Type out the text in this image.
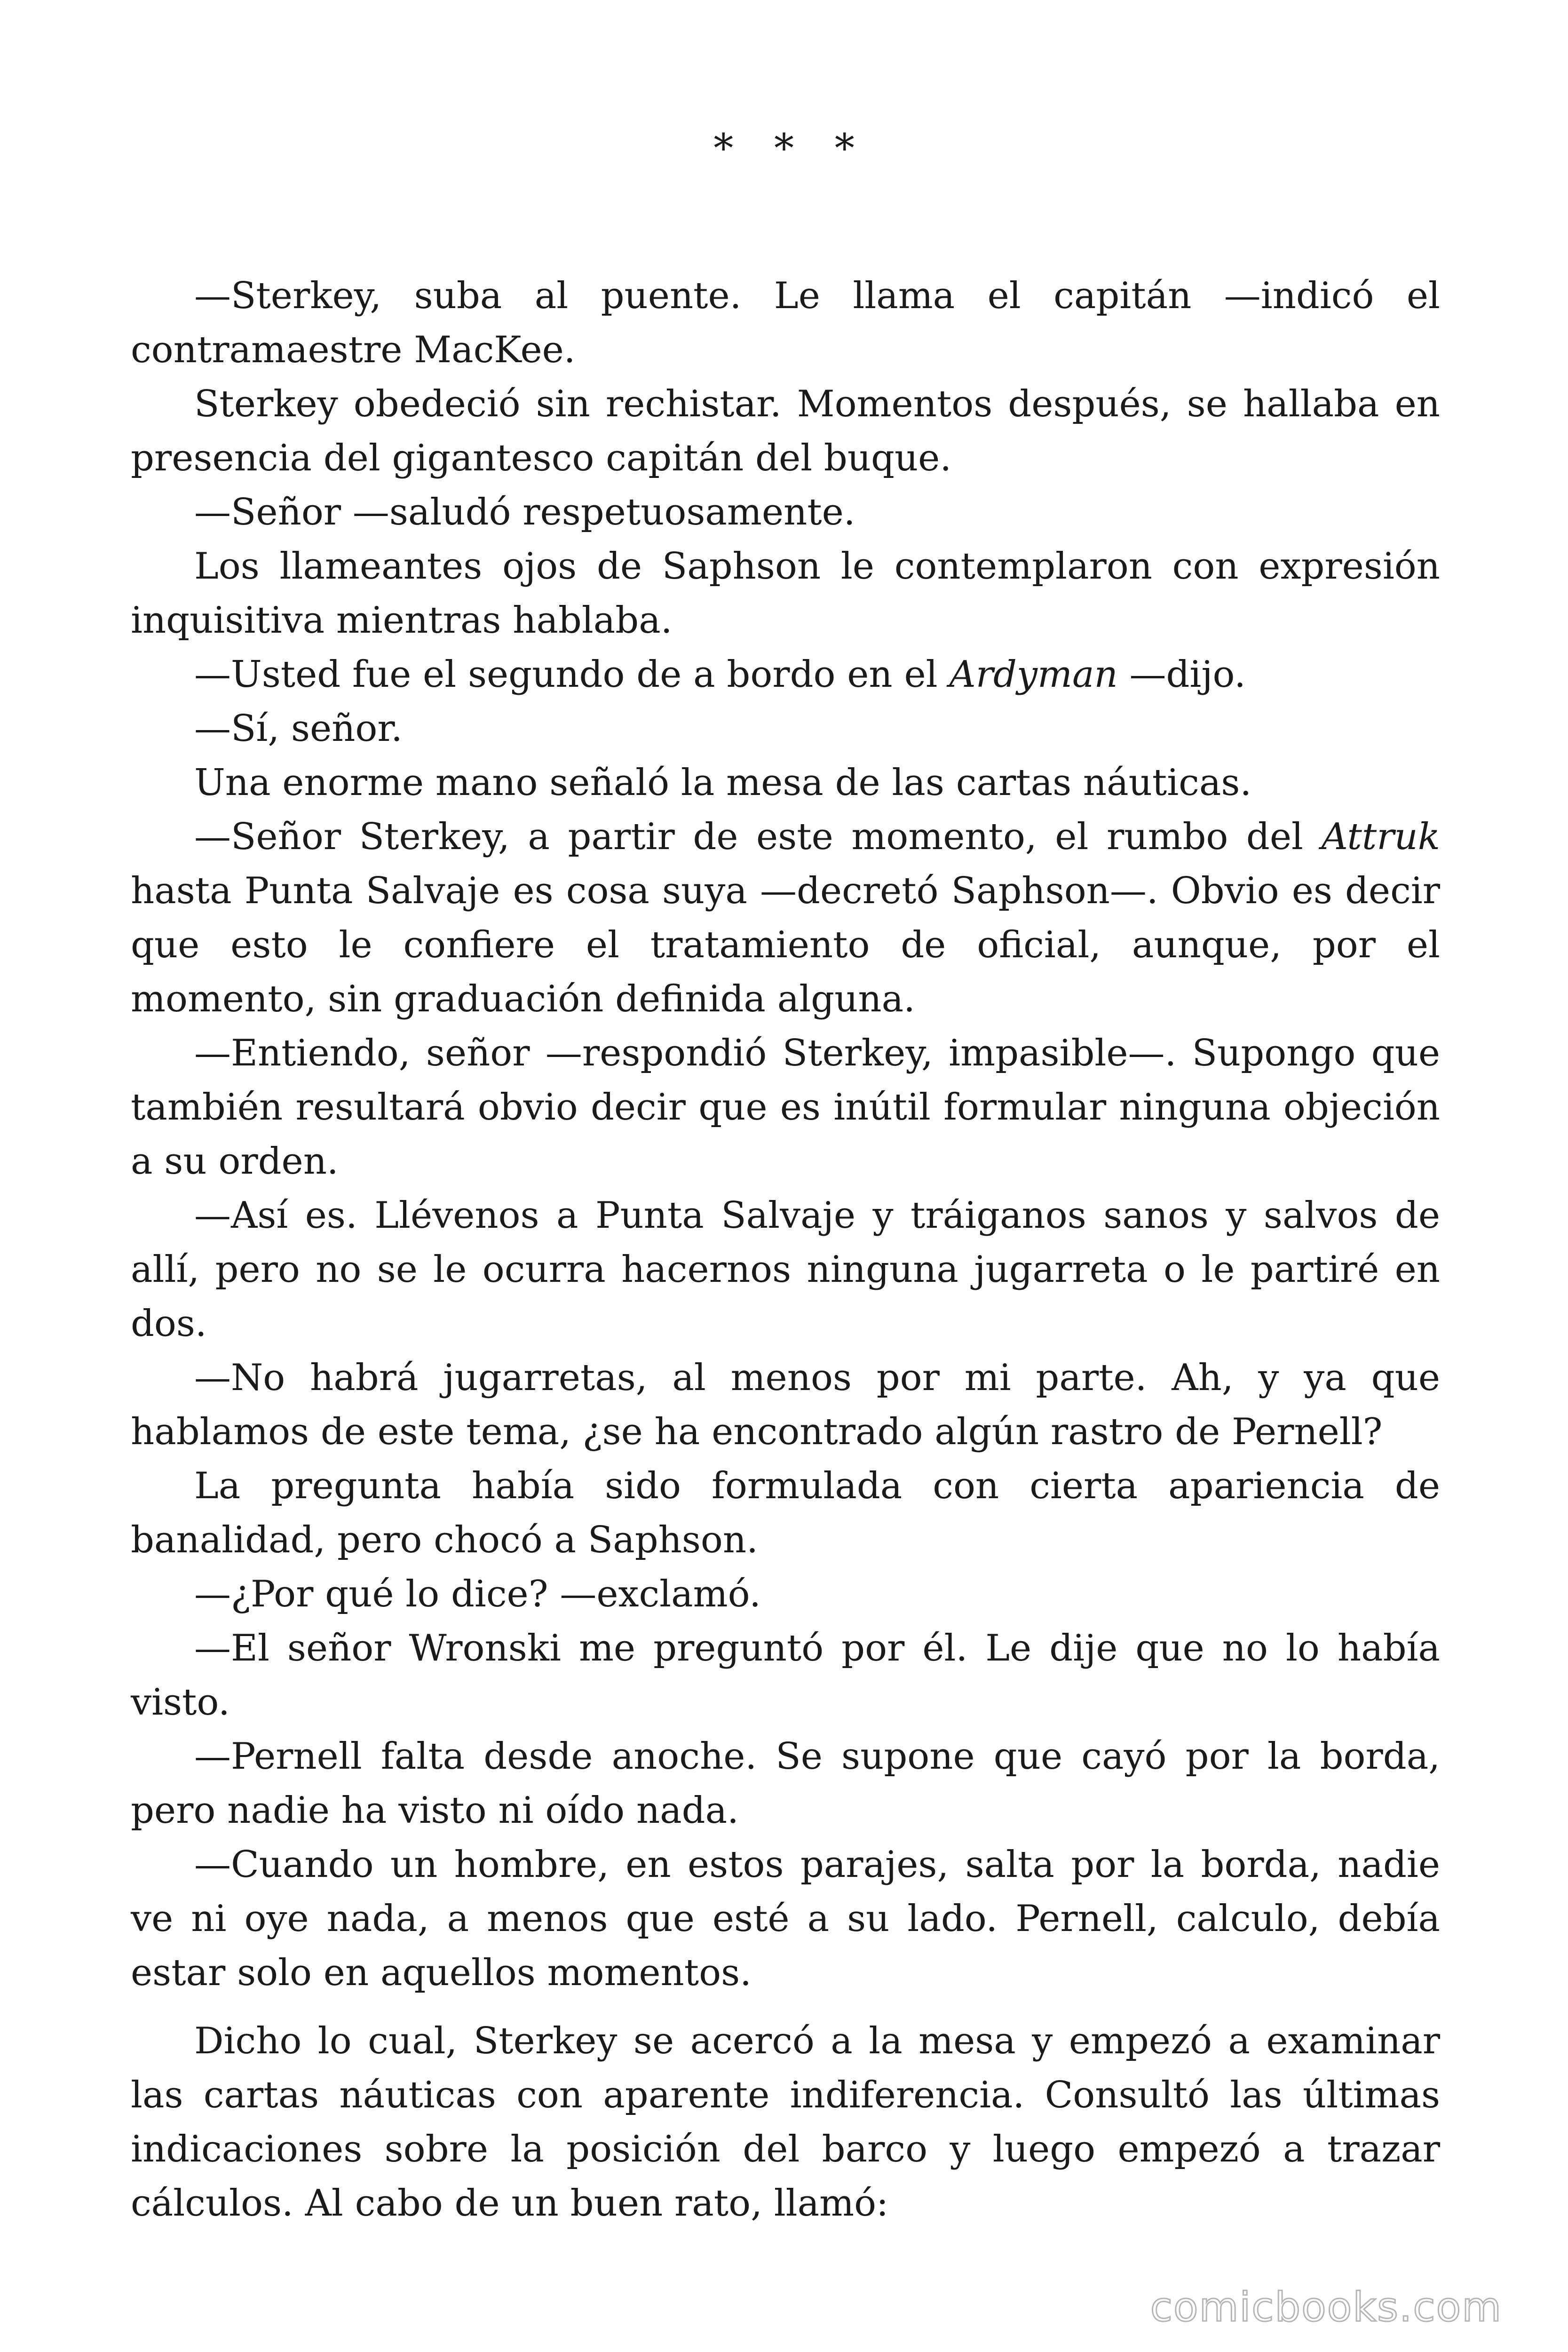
* * *

—Sterkey, suba al puente. Le llama el capitán —indicó el contramaestre MacKee.

Sterkey obedeció sin rechistar. Momentos después, se hallaba en presencia del gigantesco capitán del buque.

—Señor —saludó respetuosamente.

Los llameantes ojos de Saphson le contemplaron con expresión inquisitiva mientras hablaba.

—Usted fue el segundo de a bordo en el Ardyman —dijo.

—Sí, señor.

Una enorme mano señaló la mesa de las cartas náuticas.

—Señor Sterkey, a partir de este momento, el rumbo del Attruk hasta Punta Salvaje es cosa suya —decretó Saphson—. Obvio es decir que esto le confiere el tratamiento de oficial, aunque, por el momento, sin graduación definida alguna.

—Entiendo, señor —respondió Sterkey, impasible—. Supongo que también resultará obvio decir que es inútil formular ninguna objeción a su orden.

—Así es. Llévenos a Punta Salvaje y tráiganos sanos y salvos de allí, pero no se le ocurra hacernos ninguna jugarreta o le partiré en dos.

—No habrá jugarretas, al menos por mi parte. Ah, y ya que hablamos de este tema, ¿se ha encontrado algún rastro de Pernell?

La pregunta había sido formulada con cierta apariencia de banalidad, pero chocó a Saphson.

—¿Por qué lo dice? —exclamó.

—El señor Wronski me preguntó por él. Le dije que no lo había visto.

—Pernell falta desde anoche. Se supone que cayó por la borda, pero nadie ha visto ni oído nada.

—Cuando un hombre, en estos parajes, salta por la borda, nadie ve ni oye nada, a menos que esté a su lado. Pernell, calculo, debía estar solo en aquellos momentos.

Dicho lo cual, Sterkey se acercó a la mesa y empezó a examinar las cartas náuticas con aparente indiferencia. Consultó las últimas indicaciones sobre la posición del barco y luego empezó a trazar cálculos. Al cabo de un buen rato, llamó:

comicbooks.com
